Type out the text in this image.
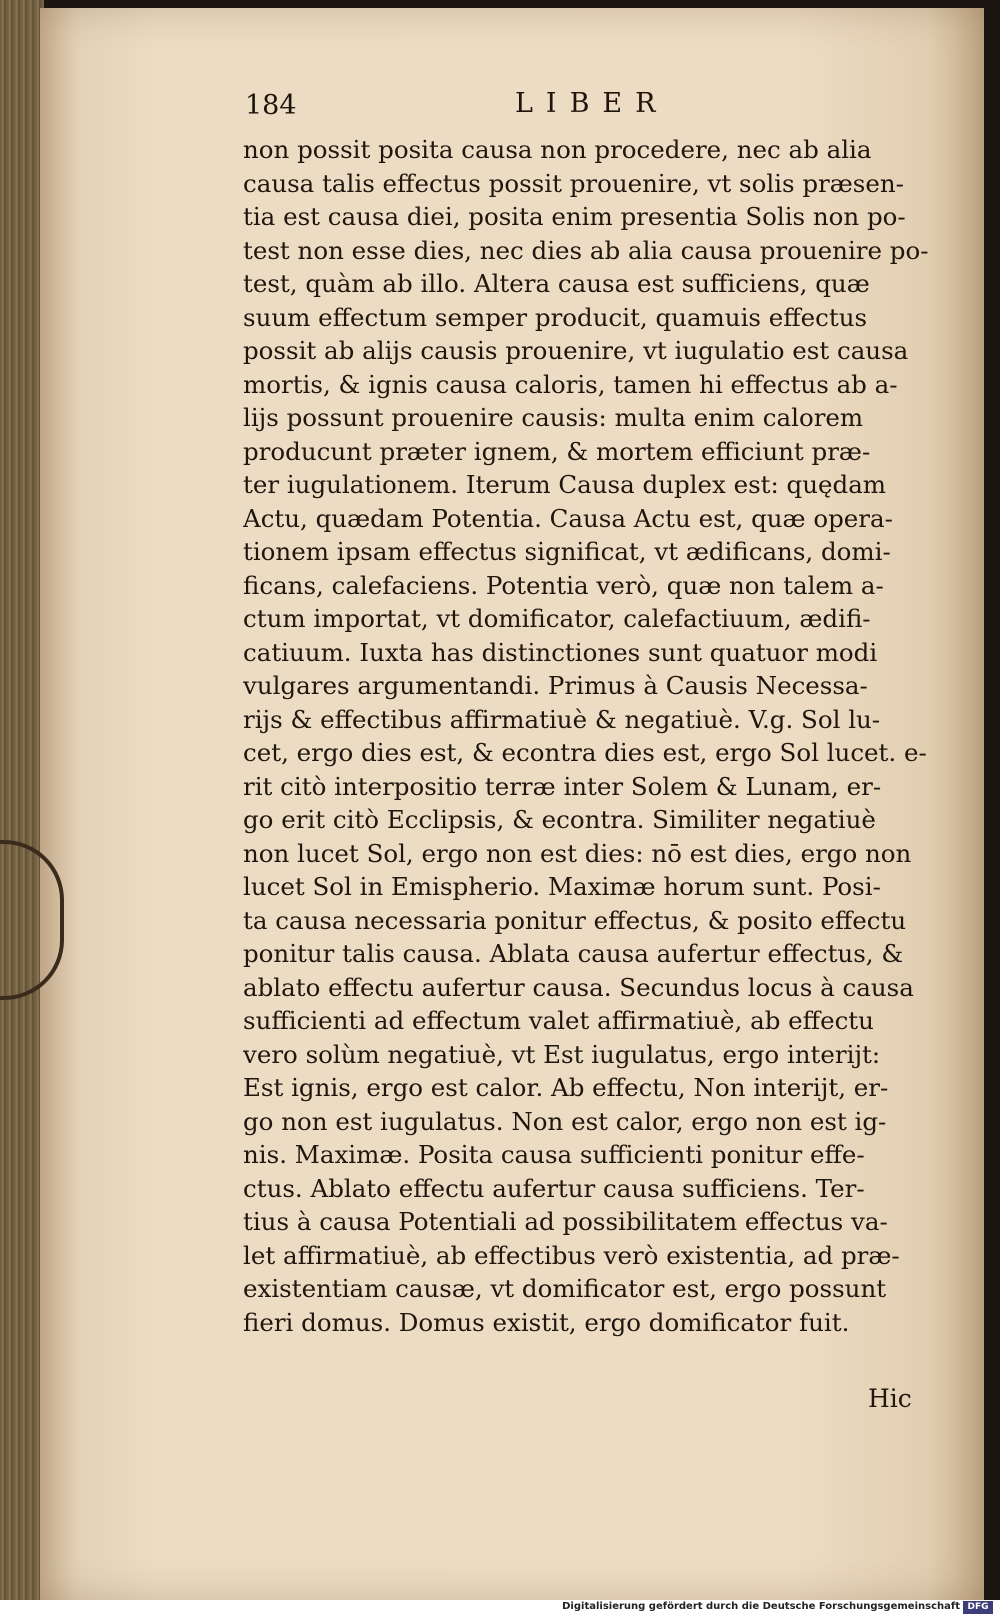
184	LIBER
non possit posita causa non procedere, nec ab alia
causa talis effectus possit prouenire, vt solis præsen-
tia est causa diei, posita enim presentia Solis non po-
test non esse dies, nec dies ab alia causa prouenire po-
test, quàm ab illo. Altera causa est sufficiens, quæ
suum effectum semper producit, quamuis effectus
possit ab alijs causis prouenire, vt iugulatio est causa
mortis, & ignis causa caloris, tamen hi effectus ab a-
lijs possunt prouenire causis: multa enim calorem
producunt præter ignem, & mortem efficiunt præ-
ter iugulationem. Iterum Causa duplex est: quędam
Actu, quædam Potentia. Causa Actu est, quæ opera-
tionem ipsam effectus significat, vt ædificans, domi-
ficans, calefaciens. Potentia verò, quæ non talem a-
ctum importat, vt domificator, calefactiuum, ædifi-
catiuum. Iuxta has distinctiones sunt quatuor modi
vulgares argumentandi. Primus à Causis Necessa-
rijs & effectibus affirmatiuè & negatiuè. V.g. Sol lu-
cet, ergo dies est, & econtra dies est, ergo Sol lucet. e-
rit citò interpositio terræ inter Solem & Lunam, er-
go erit citò Ecclipsis, & econtra. Similiter negatiuè
non lucet Sol, ergo non est dies: nō est dies, ergo non
lucet Sol in Emispherio. Maximæ horum sunt. Posi-
ta causa necessaria ponitur effectus, & posito effectu
ponitur talis causa. Ablata causa aufertur effectus, &
ablato effectu aufertur causa. Secundus locus à causa
sufficienti ad effectum valet affirmatiuè, ab effectu
vero solùm negatiuè, vt Est iugulatus, ergo interijt:
Est ignis, ergo est calor. Ab effectu, Non interijt, er-
go non est iugulatus. Non est calor, ergo non est ig-
nis. Maximæ. Posita causa sufficienti ponitur effe-
ctus. Ablato effectu aufertur causa sufficiens. Ter-
tius à causa Potentiali ad possibilitatem effectus va-
let affirmatiuè, ab effectibus verò existentia, ad præ-
existentiam causæ, vt domificator est, ergo possunt
fieri domus. Domus existit, ergo domificator fuit.
Hic
Digitalisierung gefördert durch die Deutsche Forschungsgemeinschaft DFG
